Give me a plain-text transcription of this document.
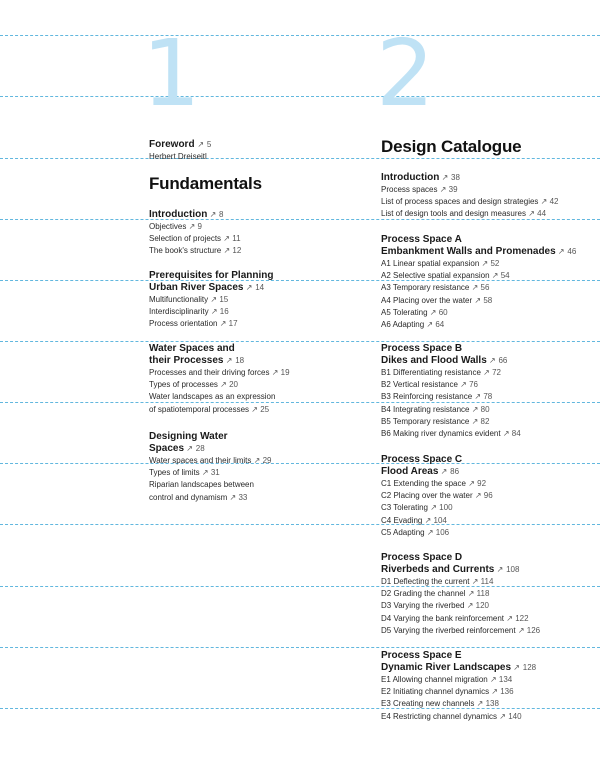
1 2
Foreword ↗ 5
Herbert Dreiseitl
Fundamentals
Introduction ↗ 8
Objectives ↗ 9
Selection of projects ↗ 11
The book's structure ↗ 12
Prerequisites for Planning
Urban River Spaces ↗ 14
Multifunctionality ↗ 15
Interdisciplinarity ↗ 16
Process orientation ↗ 17
Water Spaces and
their Processes ↗ 18
Processes and their driving forces ↗ 19
Types of processes ↗ 20
Water landscapes as an expression
of spatiotemporal processes ↗ 25
Designing Water
Spaces ↗ 28
Water spaces and their limits ↗ 29
Types of limits ↗ 31
Riparian landscapes between
control and dynamism ↗ 33
Design Catalogue
Introduction ↗ 38
Process spaces ↗ 39
List of process spaces and design strategies ↗ 42
List of design tools and design measures ↗ 44
Process Space A
Embankment Walls and Promenades ↗ 46
A1 Linear spatial expansion ↗ 52
A2 Selective spatial expansion ↗ 54
A3 Temporary resistance ↗ 56
A4 Placing over the water ↗ 58
A5 Tolerating ↗ 60
A6 Adapting ↗ 64
Process Space B
Dikes and Flood Walls ↗ 66
B1 Differentiating resistance ↗ 72
B2 Vertical resistance ↗ 76
B3 Reinforcing resistance ↗ 78
B4 Integrating resistance ↗ 80
B5 Temporary resistance ↗ 82
B6 Making river dynamics evident ↗ 84
Process Space C
Flood Areas ↗ 86
C1 Extending the space ↗ 92
C2 Placing over the water ↗ 96
C3 Tolerating ↗ 100
C4 Evading ↗ 104
C5 Adapting ↗ 106
Process Space D
Riverbeds and Currents ↗ 108
D1 Deflecting the current ↗ 114
D2 Grading the channel ↗ 118
D3 Varying the riverbed ↗ 120
D4 Varying the bank reinforcement ↗ 122
D5 Varying the riverbed reinforcement ↗ 126
Process Space E
Dynamic River Landscapes ↗ 128
E1 Allowing channel migration ↗ 134
E2 Initiating channel dynamics ↗ 136
E3 Creating new channels ↗ 138
E4 Restricting channel dynamics ↗ 140
